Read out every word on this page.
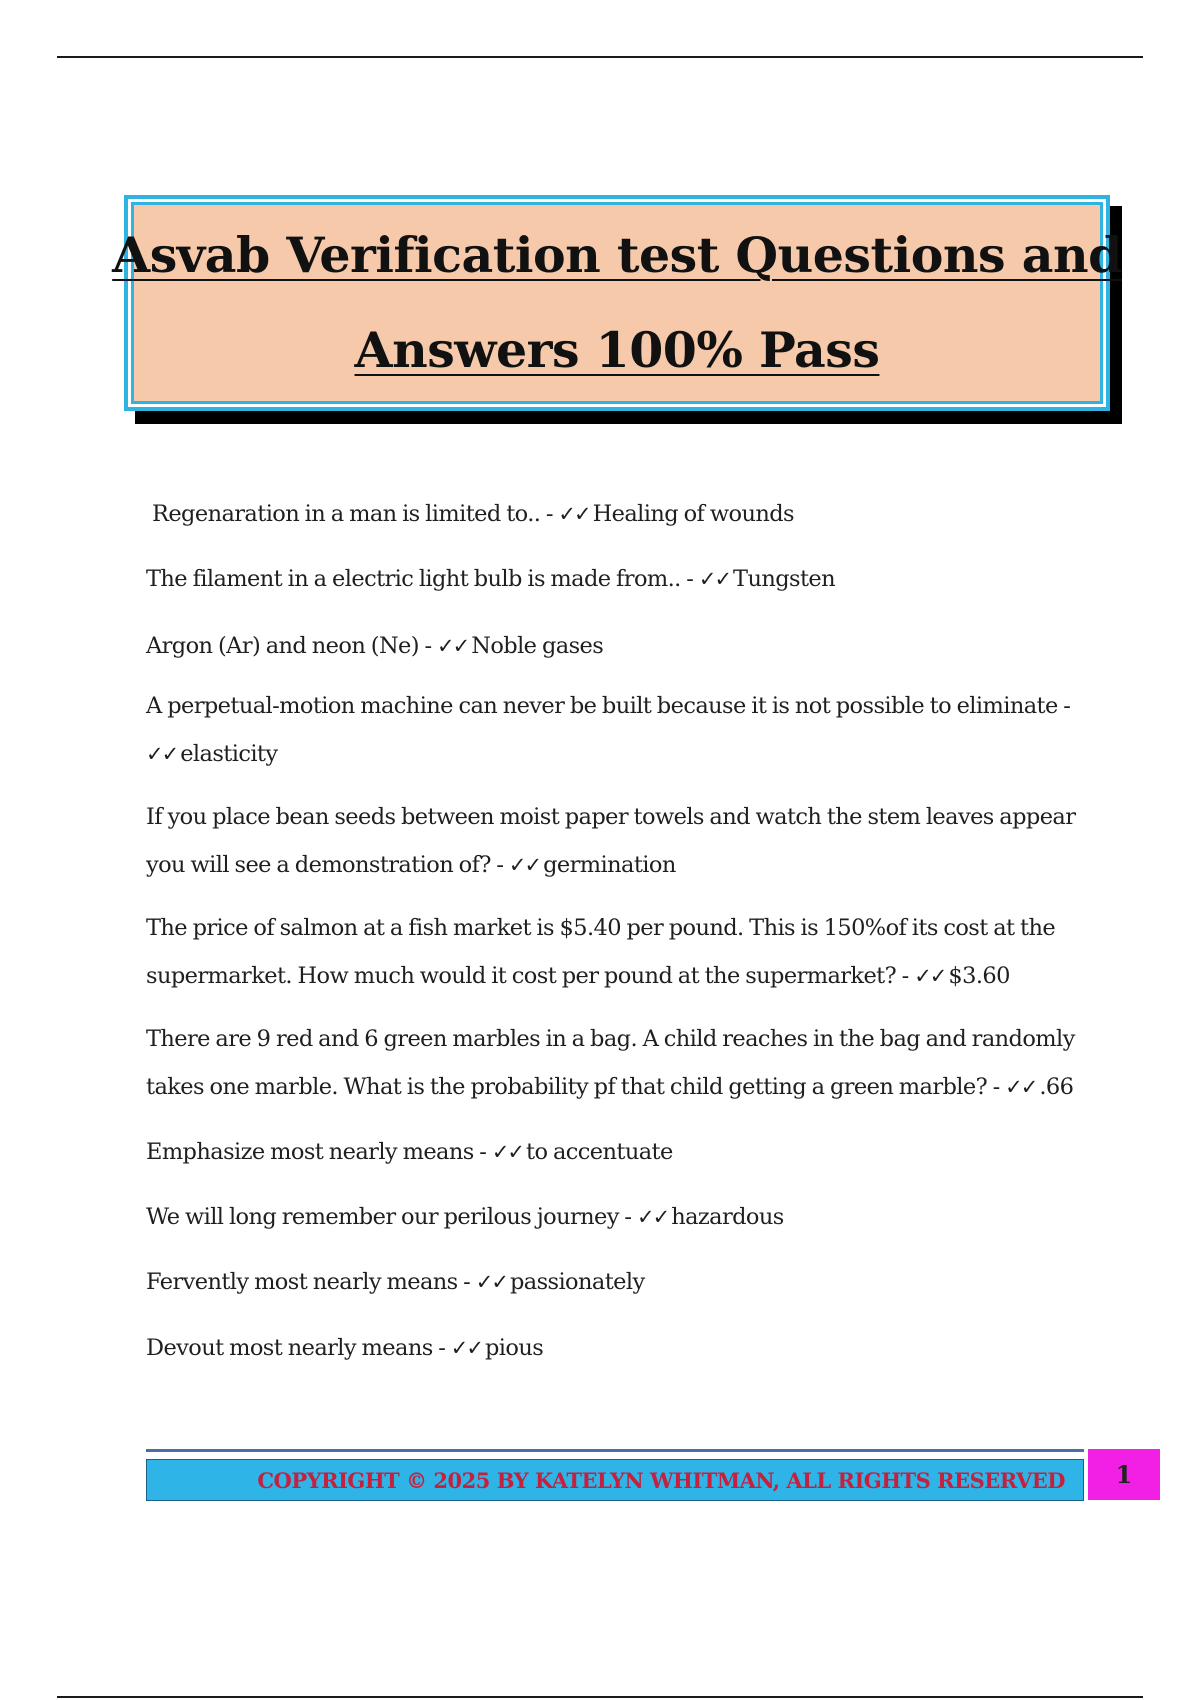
Asvab Verification test Questions and
Answers 100% Pass
Regenaration in a man is limited to.. - ✓✓ Healing of wounds
The filament in a electric light bulb is made from.. - ✓✓ Tungsten
Argon (Ar) and neon (Ne) - ✓✓ Noble gases
A perpetual-motion machine can never be built because it is not possible to eliminate - ✓✓ elasticity
If you place bean seeds between moist paper towels and watch the stem leaves appear you will see a demonstration of? - ✓✓ germination
The price of salmon at a fish market is $5.40 per pound. This is 150%of its cost at the supermarket. How much would it cost per pound at the supermarket? - ✓✓ $3.60
There are 9 red and 6 green marbles in a bag. A child reaches in the bag and randomly takes one marble. What is the probability pf that child getting a green marble? - ✓✓ .66
Emphasize most nearly means - ✓✓ to accentuate
We will long remember our perilous journey - ✓✓ hazardous
Fervently most nearly means - ✓✓ passionately
Devout most nearly means - ✓✓ pious
COPYRIGHT © 2025 BY KATELYN WHITMAN, ALL RIGHTS RESERVED	1
